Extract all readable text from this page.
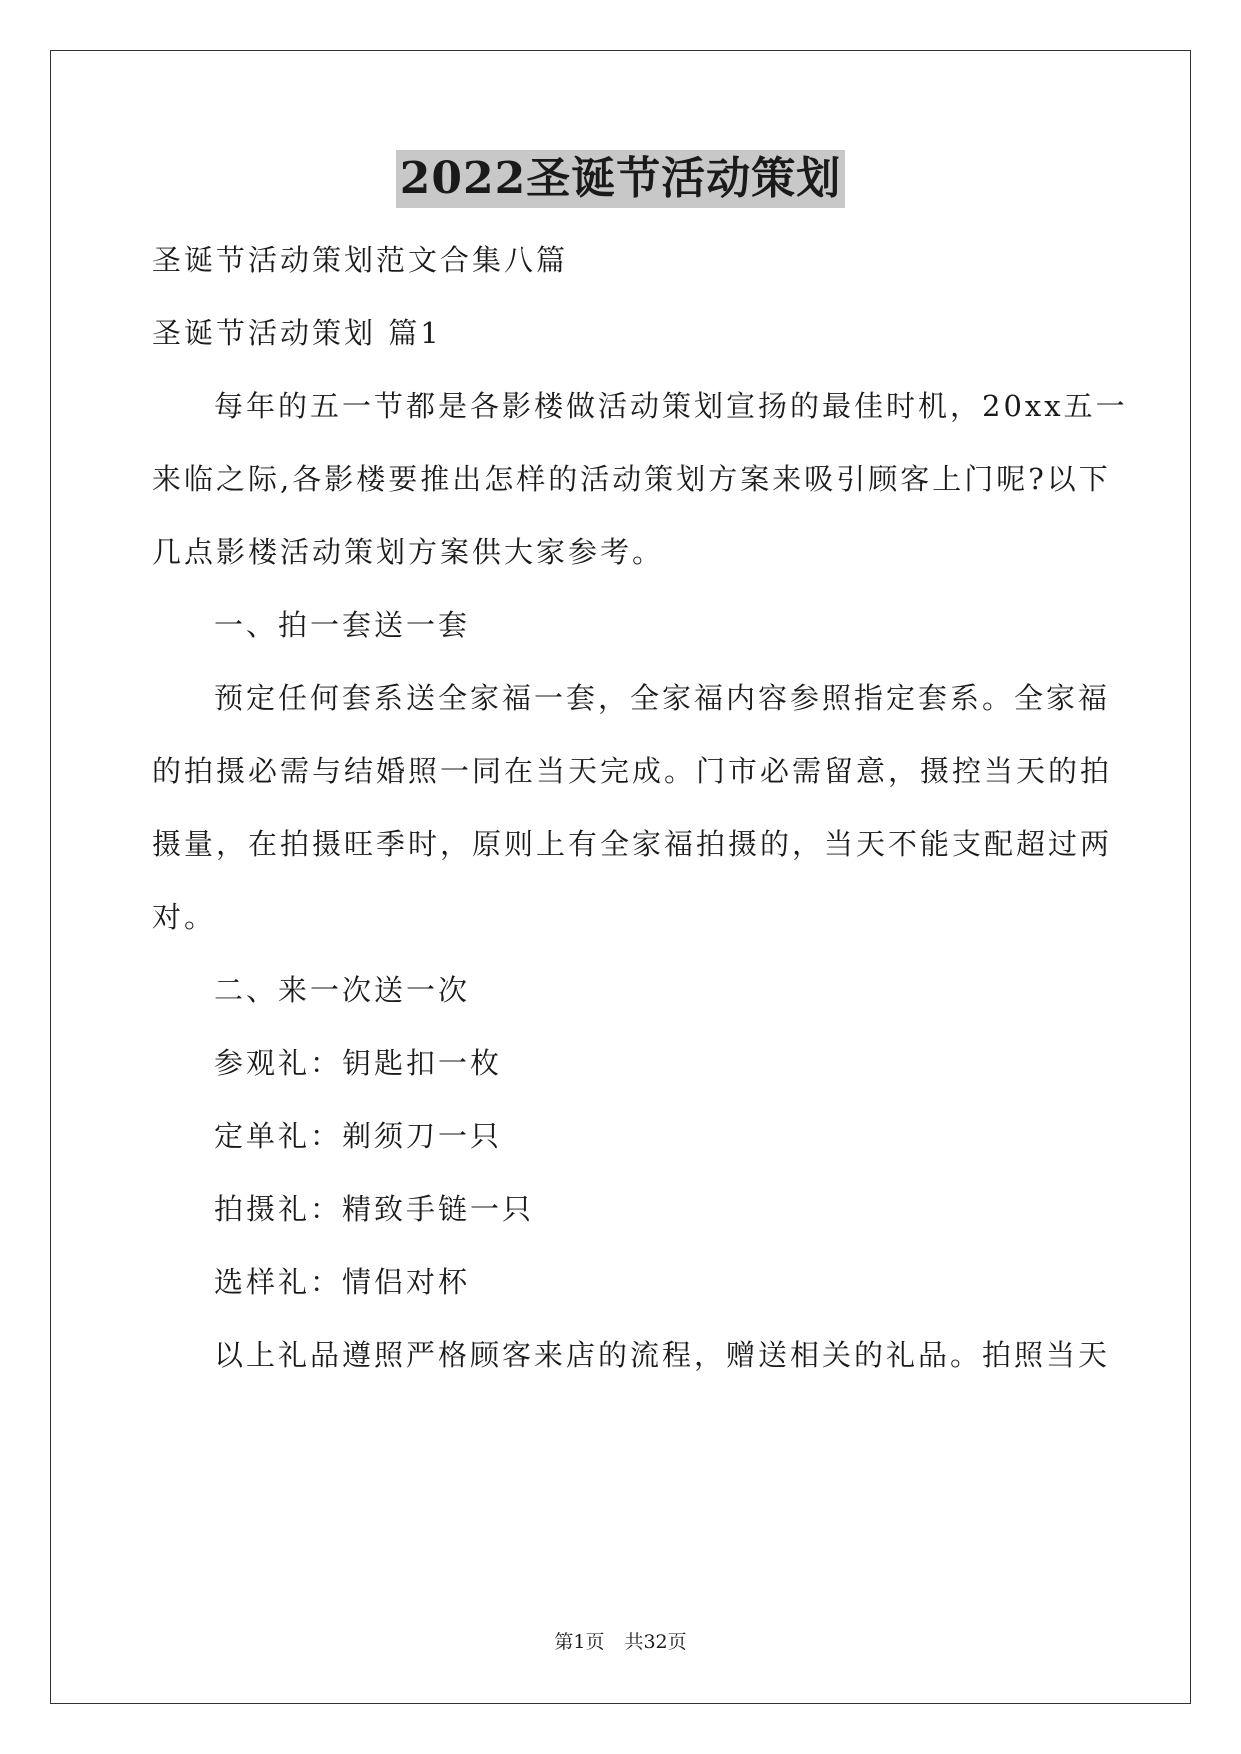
2022圣诞节活动策划
圣诞节活动策划范文合集八篇
圣诞节活动策划 篇1
每年的五一节都是各影楼做活动策划宣扬的最佳时机，20xx五一
来临之际,各影楼要推出怎样的活动策划方案来吸引顾客上门呢?以下
几点影楼活动策划方案供大家参考。
一、拍一套送一套
预定任何套系送全家福一套，全家福内容参照指定套系。全家福
的拍摄必需与结婚照一同在当天完成。门市必需留意，摄控当天的拍
摄量，在拍摄旺季时，原则上有全家福拍摄的，当天不能支配超过两
对。
二、来一次送一次
参观礼：钥匙扣一枚
定单礼：剃须刀一只
拍摄礼：精致手链一只
选样礼：情侣对杯
以上礼品遵照严格顾客来店的流程，赠送相关的礼品。拍照当天
第1页 共32页
